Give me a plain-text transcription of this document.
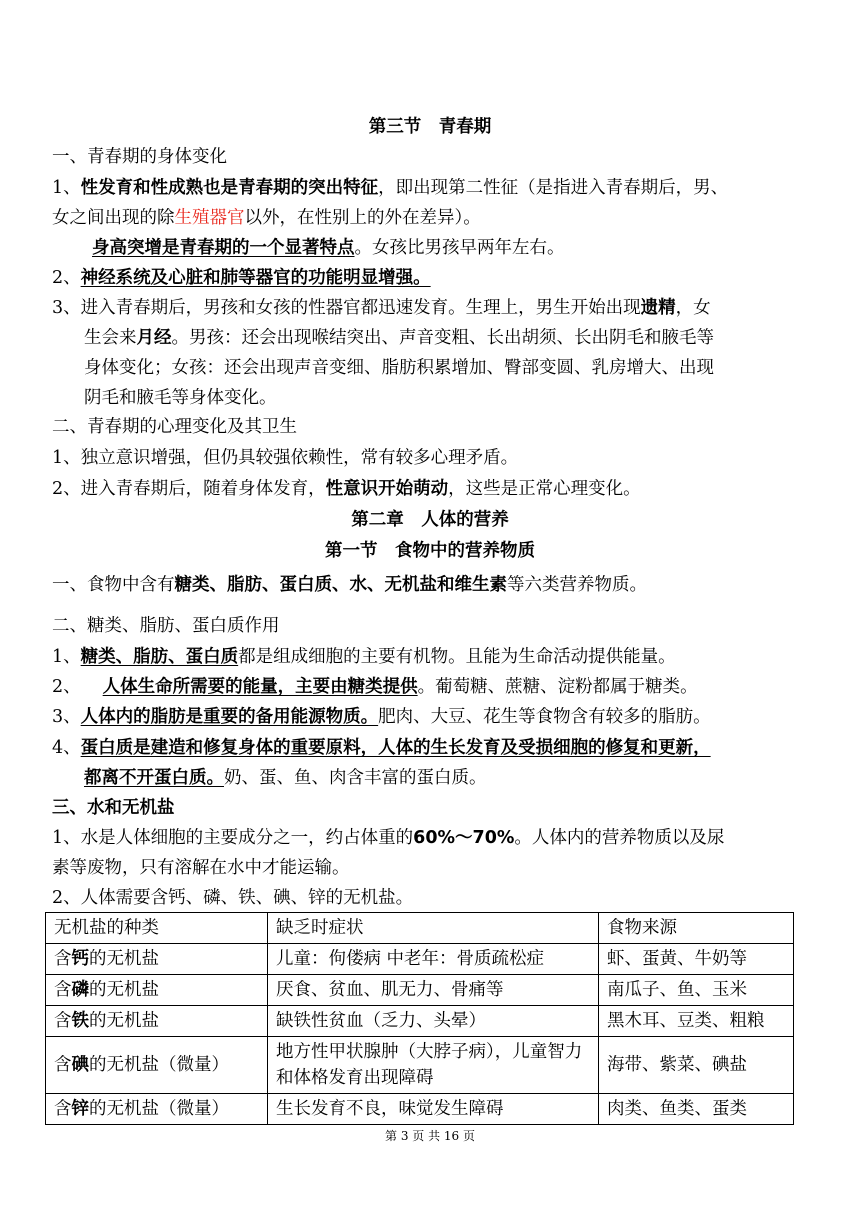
第三节　青春期
一、青春期的身体变化
1、性发育和性成熟也是青春期的突出特征，即出现第二性征（是指进入青春期后，男、
女之间出现的除生殖器官以外，在性别上的外在差异）。
身高突增是青春期的一个显著特点。女孩比男孩早两年左右。
2、神经系统及心脏和肺等器官的功能明显增强。
3、进入青春期后，男孩和女孩的性器官都迅速发育。生理上，男生开始出现遗精，女
生会来月经。男孩：还会出现喉结突出、声音变粗、长出胡须、长出阴毛和腋毛等
身体变化；女孩：还会出现声音变细、脂肪积累增加、臀部变圆、乳房增大、出现
阴毛和腋毛等身体变化。
二、青春期的心理变化及其卫生
1、独立意识增强，但仍具较强依赖性，常有较多心理矛盾。
2、进入青春期后，随着身体发育，性意识开始萌动，这些是正常心理变化。
第二章　人体的营养
第一节　食物中的营养物质
一、食物中含有糖类、脂肪、蛋白质、水、无机盐和维生素等六类营养物质。
二、糖类、脂肪、蛋白质作用
1、糖类、脂肪、蛋白质都是组成细胞的主要有机物。且能为生命活动提供能量。
2、 人体生命所需要的能量，主要由糖类提供。葡萄糖、蔗糖、淀粉都属于糖类。
3、人体内的脂肪是重要的备用能源物质。肥肉、大豆、花生等食物含有较多的脂肪。
4、蛋白质是建造和修复身体的重要原料，人体的生长发育及受损细胞的修复和更新，
都离不开蛋白质。奶、蛋、鱼、肉含丰富的蛋白质。
三、水和无机盐
1、水是人体细胞的主要成分之一，约占体重的60%～70%。人体内的营养物质以及尿
素等废物，只有溶解在水中才能运输。
2、人体需要含钙、磷、铁、碘、锌的无机盐。
无机盐的种类	缺乏时症状	食物来源
含钙的无机盐	儿童：佝偻病 中老年：骨质疏松症	虾、蛋黄、牛奶等
含磷的无机盐	厌食、贫血、肌无力、骨痛等	南瓜子、鱼、玉米
含铁的无机盐	缺铁性贫血（乏力、头晕）	黑木耳、豆类、粗粮
含碘的无机盐（微量）	地方性甲状腺肿（大脖子病），儿童智力和体格发育出现障碍	海带、紫菜、碘盐
含锌的无机盐（微量）	生长发育不良，味觉发生障碍	肉类、鱼类、蛋类
第 3 页 共 16 页
